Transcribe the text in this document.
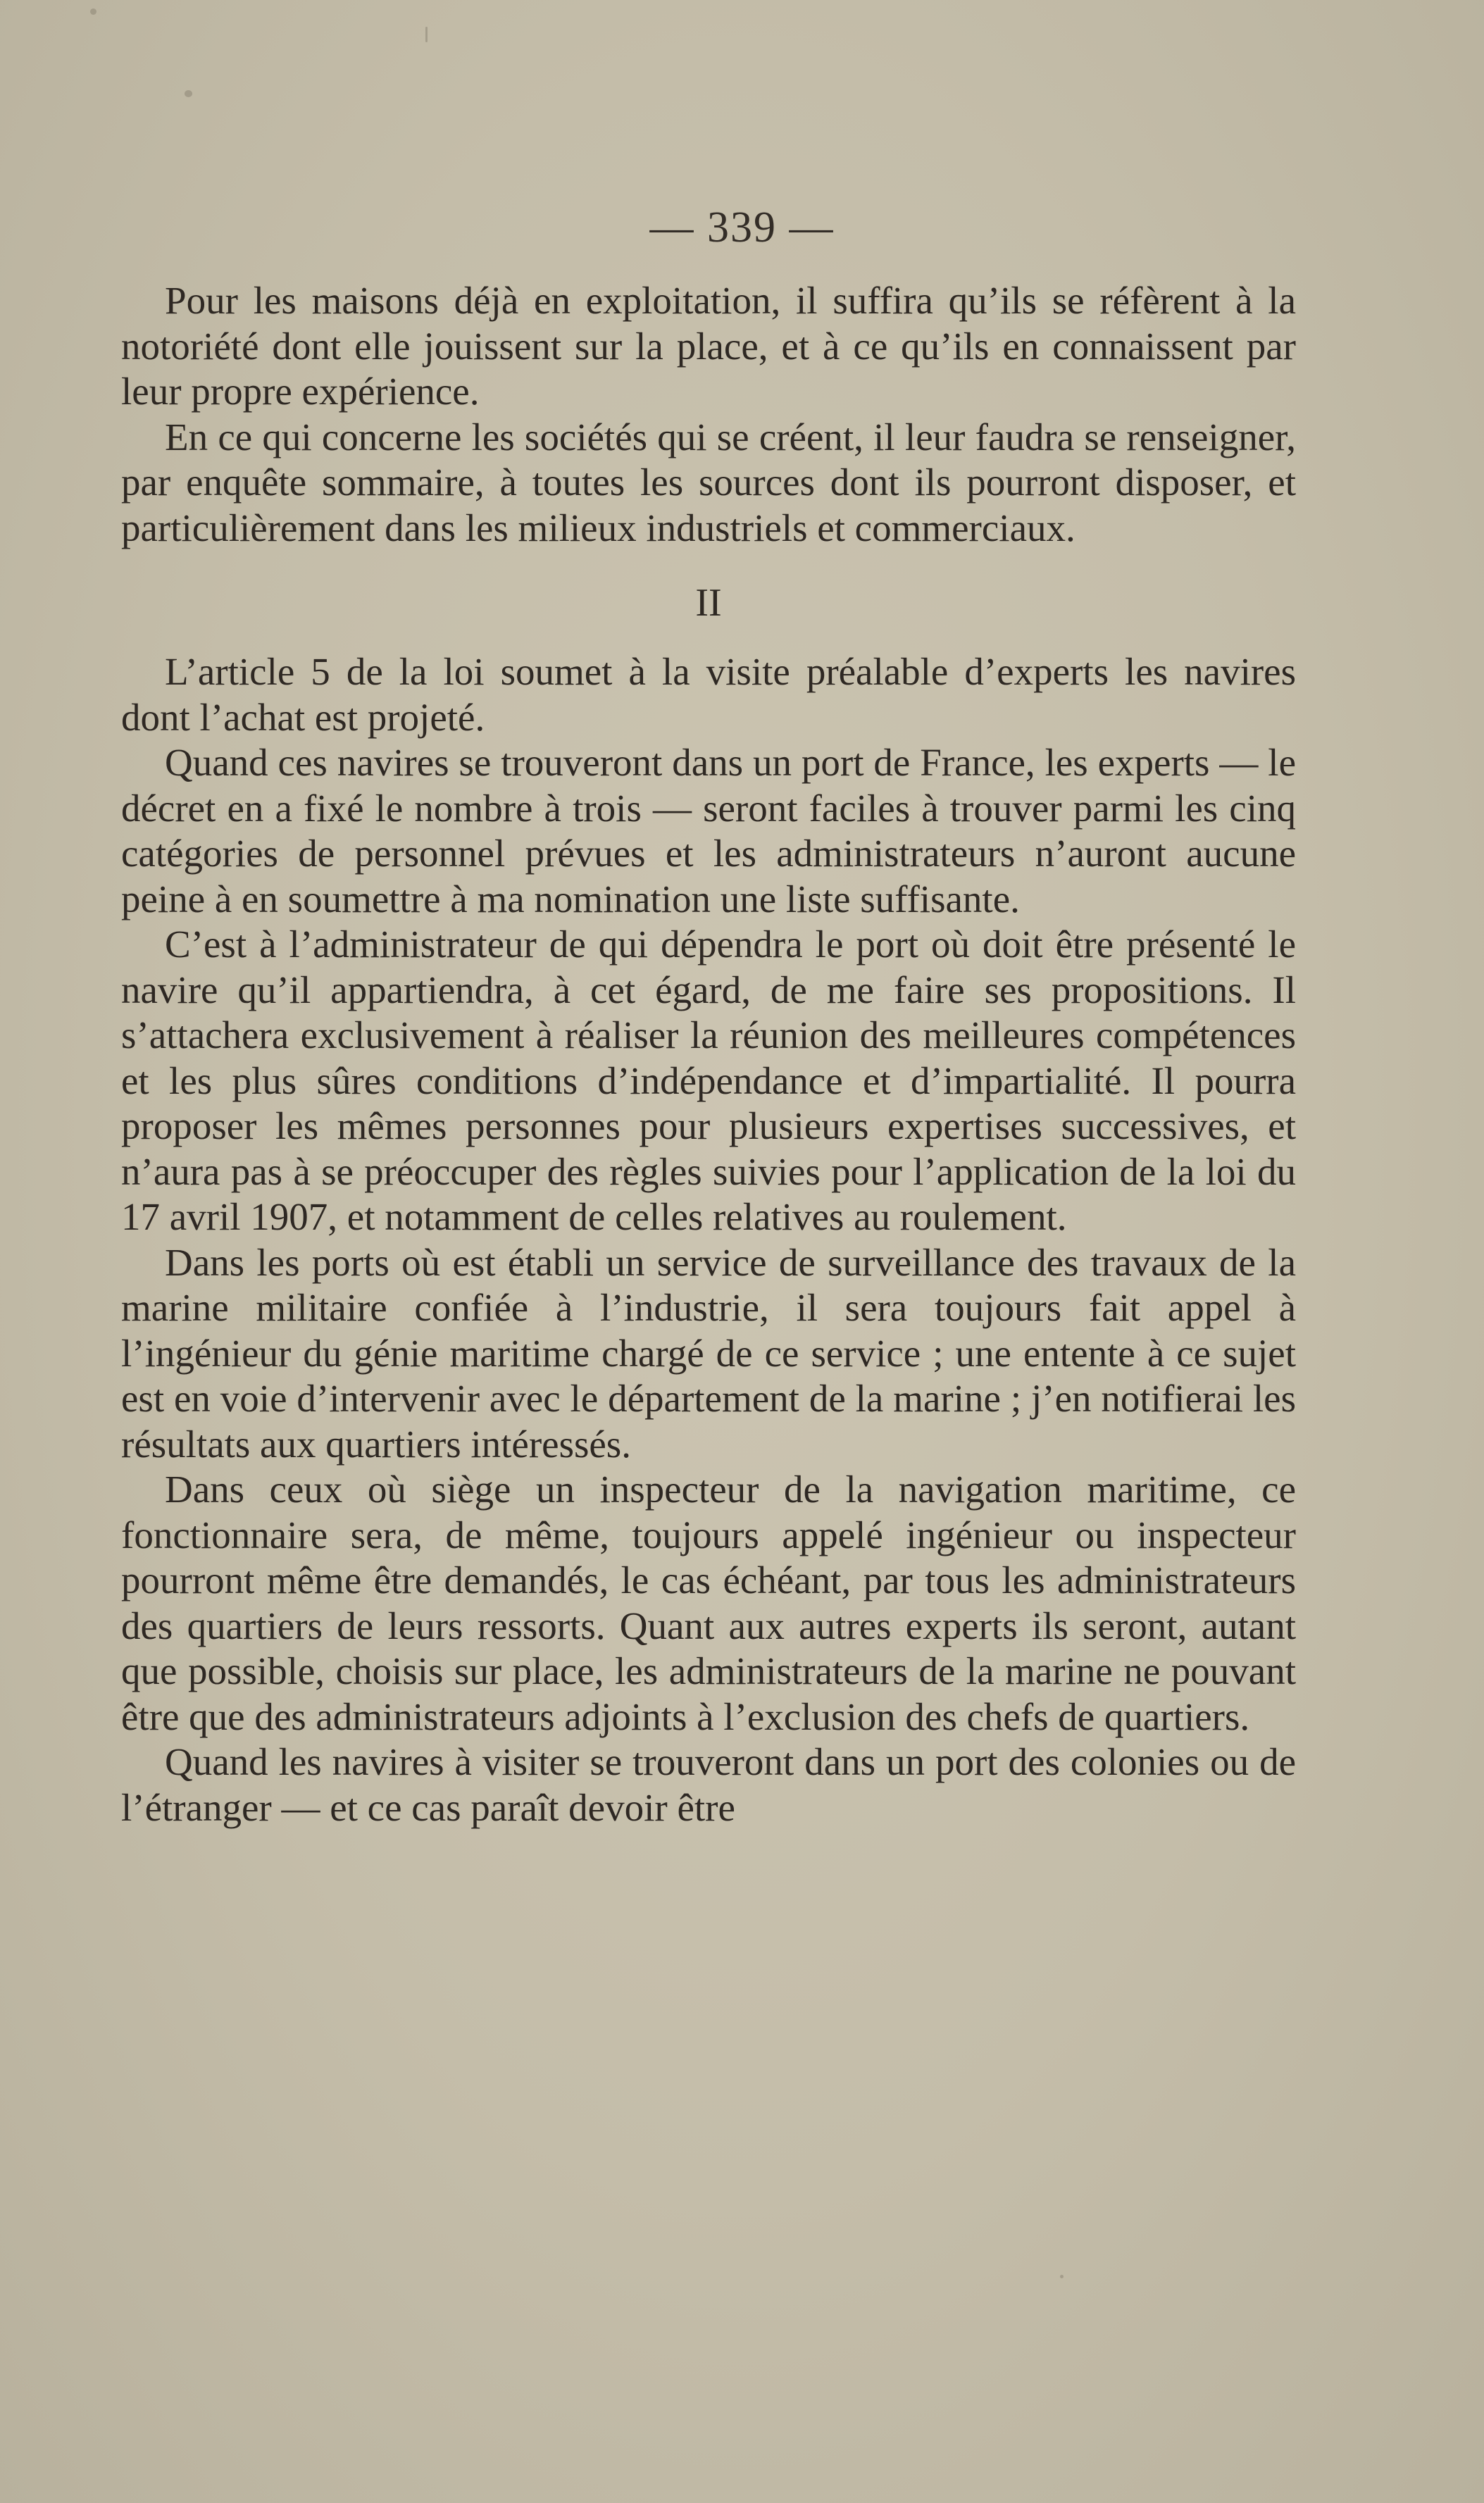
— 339 —

Pour les maisons déjà en exploitation, il suffira qu’ils se réfèrent à la notoriété dont elle jouissent sur la place, et à ce qu’ils en connaissent par leur propre expérience.

En ce qui concerne les sociétés qui se créent, il leur faudra se renseigner, par enquête sommaire, à toutes les sources dont ils pourront disposer, et particulièrement dans les milieux industriels et commerciaux.

II

L’article 5 de la loi soumet à la visite préalable d’experts les navires dont l’achat est projeté.

Quand ces navires se trouveront dans un port de France, les experts — le décret en a fixé le nombre à trois — seront faciles à trouver parmi les cinq catégories de personnel prévues et les administrateurs n’auront aucune peine à en soumettre à ma nomination une liste suffisante.

C’est à l’administrateur de qui dépendra le port où doit être présenté le navire qu’il appartiendra, à cet égard, de me faire ses propositions. Il s’attachera exclusivement à réaliser la réunion des meilleures compétences et les plus sûres conditions d’indépendance et d’impartialité. Il pourra proposer les mêmes personnes pour plusieurs expertises successives, et n’aura pas à se préoccuper des règles suivies pour l’application de la loi du 17 avril 1907, et notamment de celles relatives au roulement.

Dans les ports où est établi un service de surveillance des travaux de la marine militaire confiée à l’industrie, il sera toujours fait appel à l’ingénieur du génie maritime chargé de ce service ; une entente à ce sujet est en voie d’intervenir avec le département de la marine ; j’en notifierai les résultats aux quartiers intéressés.

Dans ceux où siège un inspecteur de la navigation maritime, ce fonctionnaire sera, de même, toujours appelé ingénieur ou inspecteur pourront même être demandés, le cas échéant, par tous les administrateurs des quartiers de leurs ressorts. Quant aux autres experts ils seront, autant que possible, choisis sur place, les administrateurs de la marine ne pouvant être que des administrateurs adjoints à l’exclusion des chefs de quartiers.

Quand les navires à visiter se trouveront dans un port des colonies ou de l’étranger — et ce cas paraît devoir être
